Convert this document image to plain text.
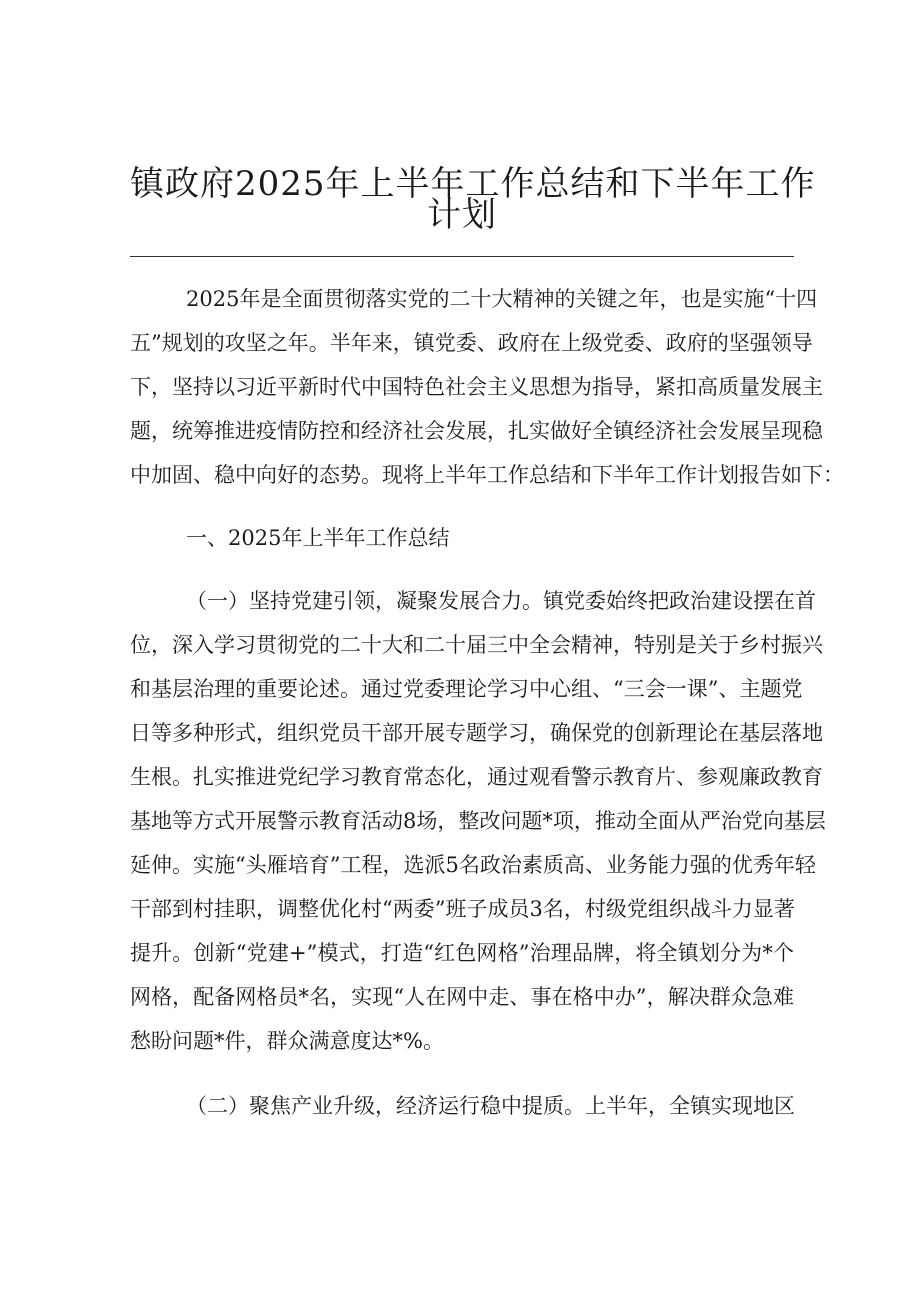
镇政府2025年上半年工作总结和下半年工作
计划
2025年是全面贯彻落实党的二十大精神的关键之年，也是实施“十四
五”规划的攻坚之年。半年来，镇党委、政府在上级党委、政府的坚强领导
下，坚持以习近平新时代中国特色社会主义思想为指导，紧扣高质量发展主
题，统筹推进疫情防控和经济社会发展，扎实做好全镇经济社会发展呈现稳
中加固、稳中向好的态势。现将上半年工作总结和下半年工作计划报告如下：
一、2025年上半年工作总结
（一）坚持党建引领，凝聚发展合力。镇党委始终把政治建设摆在首
位，深入学习贯彻党的二十大和二十届三中全会精神，特别是关于乡村振兴
和基层治理的重要论述。通过党委理论学习中心组、“三会一课”、主题党
日等多种形式，组织党员干部开展专题学习，确保党的创新理论在基层落地
生根。扎实推进党纪学习教育常态化，通过观看警示教育片、参观廉政教育
基地等方式开展警示教育活动8场，整改问题*项，推动全面从严治党向基层
延伸。实施“头雁培育”工程，选派5名政治素质高、业务能力强的优秀年轻
干部到村挂职，调整优化村“两委”班子成员3名，村级党组织战斗力显著
提升。创新“党建+”模式，打造“红色网格”治理品牌，将全镇划分为*个
网格，配备网格员*名，实现“人在网中走、事在格中办”，解决群众急难
愁盼问题*件，群众满意度达*%。
（二）聚焦产业升级，经济运行稳中提质。上半年，全镇实现地区
